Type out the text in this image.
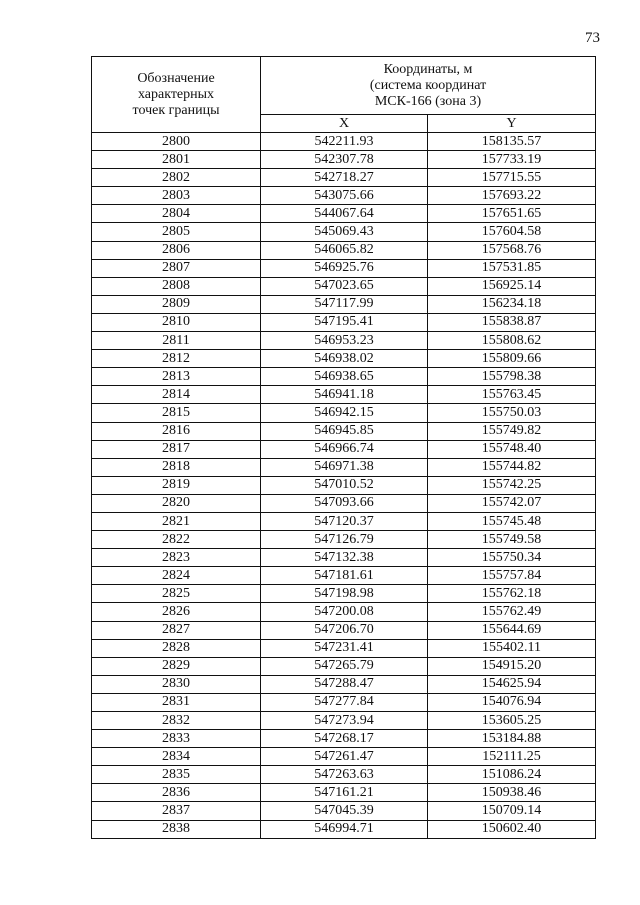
73
Обозначение
характерных
точек границы	Координаты, м
(система координат
МСК-166 (зона 3)	

	X	Y
2800	542211.93	158135.57
2801	542307.78	157733.19
2802	542718.27	157715.55
2803	543075.66	157693.22
2804	544067.64	157651.65
2805	545069.43	157604.58
2806	546065.82	157568.76
2807	546925.76	157531.85
2808	547023.65	156925.14
2809	547117.99	156234.18
2810	547195.41	155838.87
2811	546953.23	155808.62
2812	546938.02	155809.66
2813	546938.65	155798.38
2814	546941.18	155763.45
2815	546942.15	155750.03
2816	546945.85	155749.82
2817	546966.74	155748.40
2818	546971.38	155744.82
2819	547010.52	155742.25
2820	547093.66	155742.07
2821	547120.37	155745.48
2822	547126.79	155749.58
2823	547132.38	155750.34
2824	547181.61	155757.84
2825	547198.98	155762.18
2826	547200.08	155762.49
2827	547206.70	155644.69
2828	547231.41	155402.11
2829	547265.79	154915.20
2830	547288.47	154625.94
2831	547277.84	154076.94
2832	547273.94	153605.25
2833	547268.17	153184.88
2834	547261.47	152111.25
2835	547263.63	151086.24
2836	547161.21	150938.46
2837	547045.39	150709.14
2838	546994.71	150602.40
